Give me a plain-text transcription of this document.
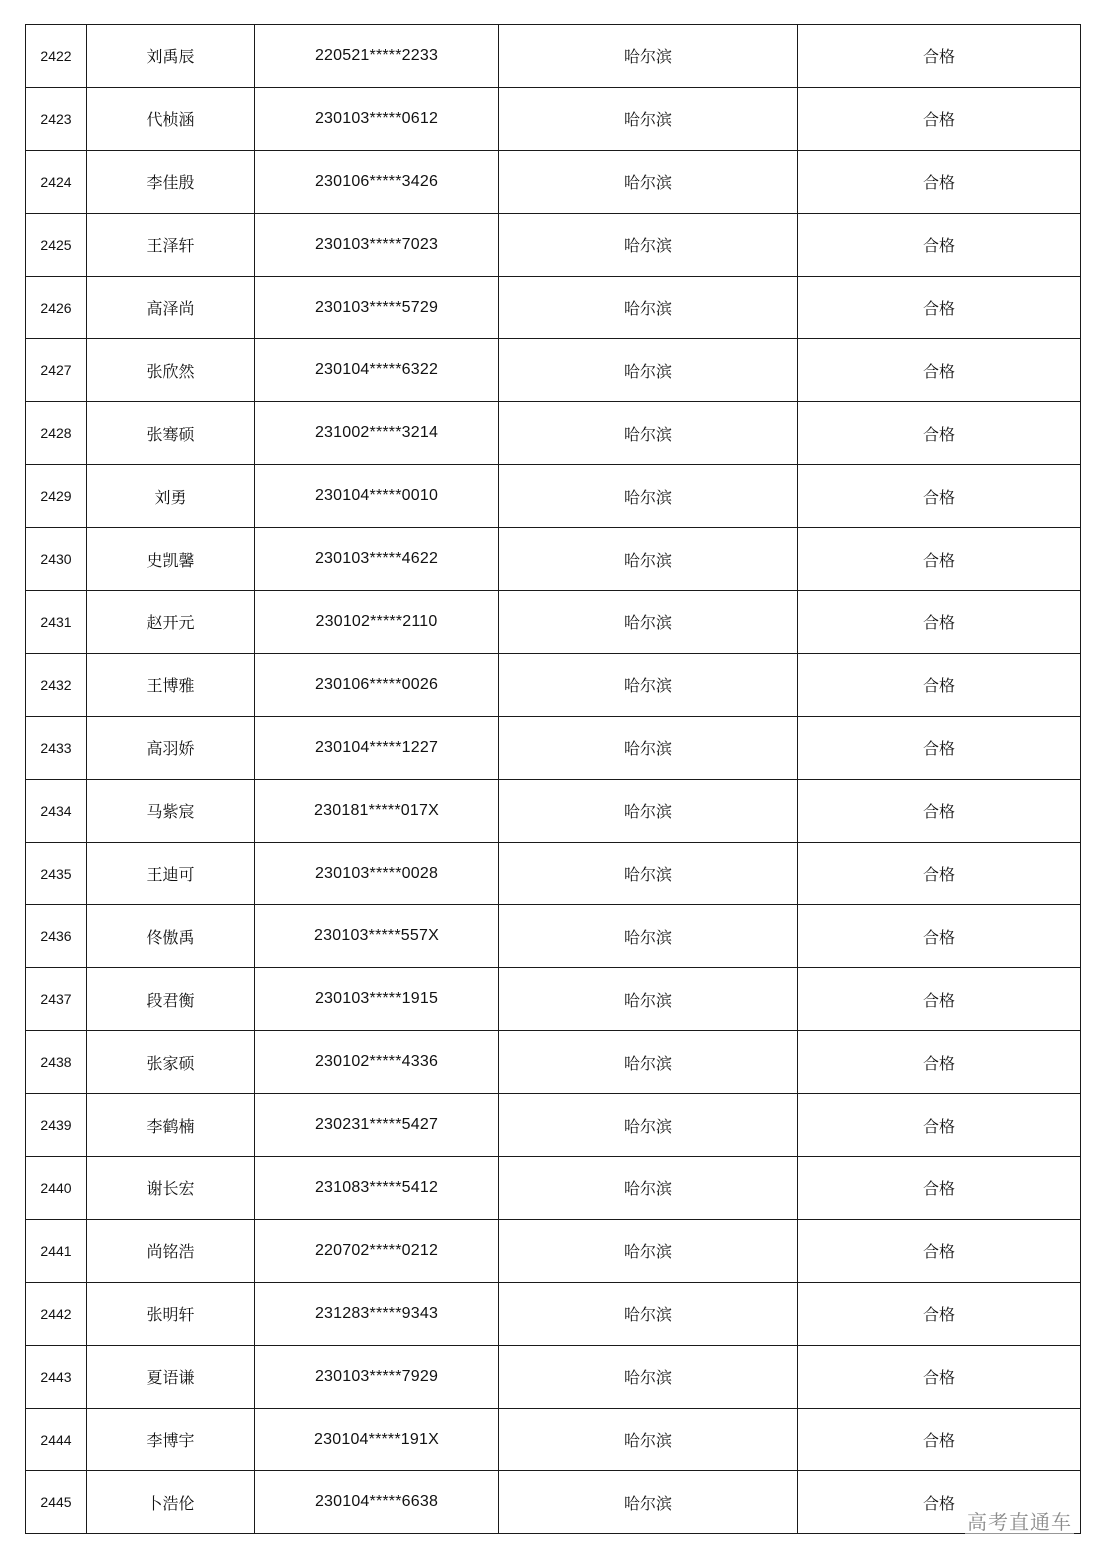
2422	刘禹辰	220521*****2233	哈尔滨	合格
2423	代桢涵	230103*****0612	哈尔滨	合格
2424	李佳殷	230106*****3426	哈尔滨	合格
2425	王泽轩	230103*****7023	哈尔滨	合格
2426	高泽尚	230103*****5729	哈尔滨	合格
2427	张欣然	230104*****6322	哈尔滨	合格
2428	张骞硕	231002*****3214	哈尔滨	合格
2429	刘勇	230104*****0010	哈尔滨	合格
2430	史凯馨	230103*****4622	哈尔滨	合格
2431	赵开元	230102*****2110	哈尔滨	合格
2432	王博雅	230106*****0026	哈尔滨	合格
2433	高羽娇	230104*****1227	哈尔滨	合格
2434	马紫宸	230181*****017X	哈尔滨	合格
2435	王迪可	230103*****0028	哈尔滨	合格
2436	佟傲禹	230103*****557X	哈尔滨	合格
2437	段君衡	230103*****1915	哈尔滨	合格
2438	张家硕	230102*****4336	哈尔滨	合格
2439	李鹤楠	230231*****5427	哈尔滨	合格
2440	谢长宏	231083*****5412	哈尔滨	合格
2441	尚铭浩	220702*****0212	哈尔滨	合格
2442	张明轩	231283*****9343	哈尔滨	合格
2443	夏语谦	230103*****7929	哈尔滨	合格
2444	李博宇	230104*****191X	哈尔滨	合格
2445	卜浩伦	230104*****6638	哈尔滨	合格
高考直通车
